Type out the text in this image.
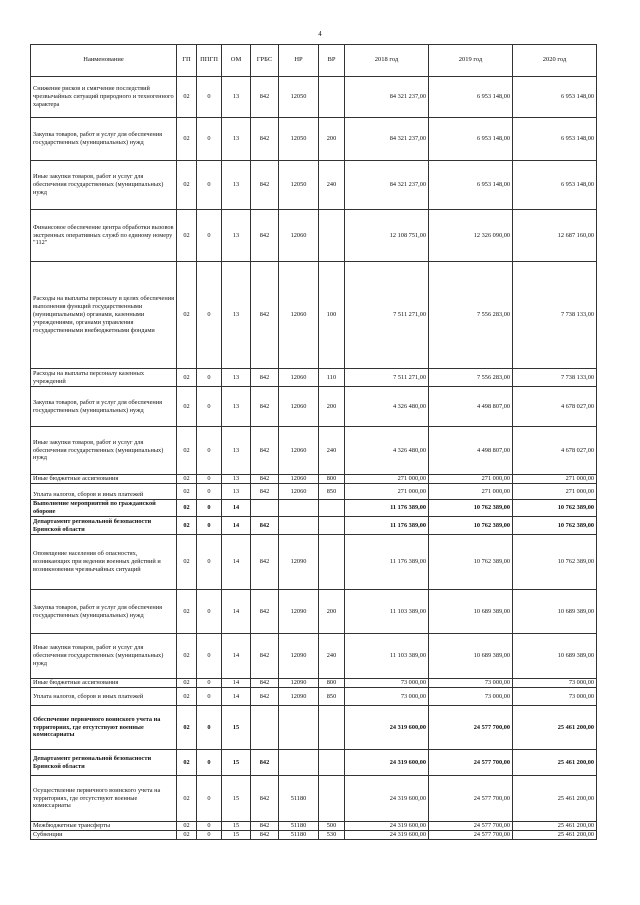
4
Наименование	ГП	ППГП	ОМ	ГРБС	НР	ВР	2018 год	2019 год	2020 год
Снижение рисков и смягчение последствий чрезвычайных ситуаций природного и техногенного характера	02	0	13	842	12050		84 321 237,00	6 953 148,00	6 953 148,00
Закупка товаров, работ и услуг для обеспечения государственных (муниципальных) нужд	02	0	13	842	12050	200	84 321 237,00	6 953 148,00	6 953 148,00
Иные закупки товаров, работ и услуг для обеспечения государственных (муниципальных) нужд	02	0	13	842	12050	240	84 321 237,00	6 953 148,00	6 953 148,00
Финансовое обеспечение центра обработки вызовов экстренных оперативных служб по единому номеру "112"	02	0	13	842	12060		12 108 751,00	12 326 090,00	12 687 160,00
Расходы на выплаты персоналу в целях обеспечения выполнения функций государственными (муниципальными) органами, казенными учреждениями, органами управления государственными внебюджетными фондами	02	0	13	842	12060	100	7 511 271,00	7 556 283,00	7 738 133,00
Расходы на выплаты персоналу казенных учреждений	02	0	13	842	12060	110	7 511 271,00	7 556 283,00	7 738 133,00
Закупка товаров, работ и услуг для обеспечения государственных (муниципальных) нужд	02	0	13	842	12060	200	4 326 480,00	4 498 807,00	4 678 027,00
Иные закупки товаров, работ и услуг для обеспечения государственных (муниципальных) нужд	02	0	13	842	12060	240	4 326 480,00	4 498 807,00	4 678 027,00
Иные бюджетные ассигнования	02	0	13	842	12060	800	271 000,00	271 000,00	271 000,00
Уплата налогов, сборов и иных платежей	02	0	13	842	12060	850	271 000,00	271 000,00	271 000,00
Выполнение мероприятий по гражданской обороне	02	0	14				11 176 389,00	10 762 389,00	10 762 389,00
Департамент региональной безопасности Брянской области	02	0	14	842			11 176 389,00	10 762 389,00	10 762 389,00
Оповещение населения об опасностях, возникающих при ведении военных действий и возникновении чрезвычайных ситуаций	02	0	14	842	12090		11 176 389,00	10 762 389,00	10 762 389,00
Закупка товаров, работ и услуг для обеспечения государственных (муниципальных) нужд	02	0	14	842	12090	200	11 103 389,00	10 689 389,00	10 689 389,00
Иные закупки товаров, работ и услуг для обеспечения государственных (муниципальных) нужд	02	0	14	842	12090	240	11 103 389,00	10 689 389,00	10 689 389,00
Иные бюджетные ассигнования	02	0	14	842	12090	800	73 000,00	73 000,00	73 000,00
Уплата налогов, сборов и иных платежей	02	0	14	842	12090	850	73 000,00	73 000,00	73 000,00
Обеспечение первичного воинского учета на территориях, где отсутствуют военные комиссариаты	02	0	15				24 319 600,00	24 577 700,00	25 461 200,00
Департамент региональной безопасности Брянской области	02	0	15	842			24 319 600,00	24 577 700,00	25 461 200,00
Осуществление первичного воинского учета на территориях, где отсутствуют военные комиссариаты	02	0	15	842	51180		24 319 600,00	24 577 700,00	25 461 200,00
Межбюджетные трансферты	02	0	15	842	51180	500	24 319 600,00	24 577 700,00	25 461 200,00
Субвенции	02	0	15	842	51180	530	24 319 600,00	24 577 700,00	25 461 200,00
